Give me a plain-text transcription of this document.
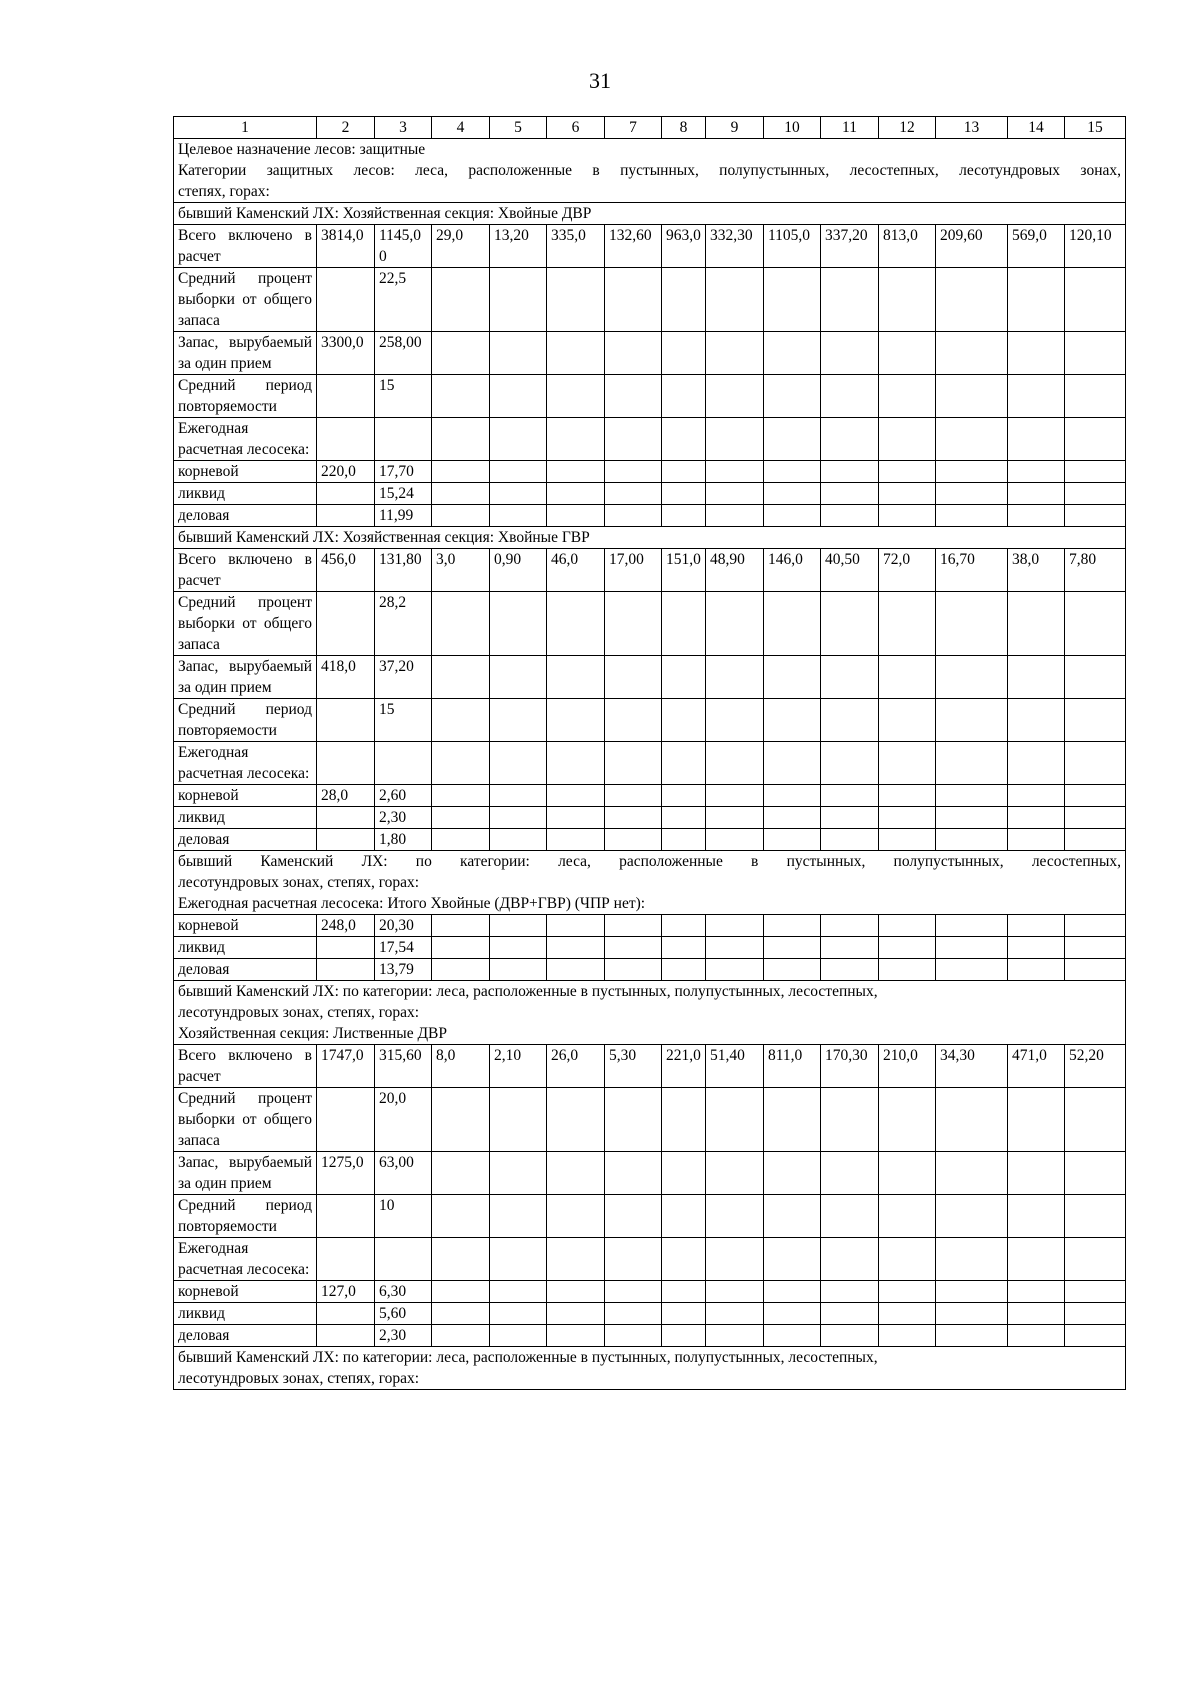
31
1	2	3	4	5	6	7	8	9	10	11	12	13	14	15

Целевое назначение лесов: защитные
Категории защитных лесов: леса, расположенные в пустынных, полупустынных, лесостепных, лесотундровых зонах,
степях, горах:														

бывший Каменский ЛХ: Хозяйственная секция: Хвойные ДВР														

Всего включено в расчет	3814,0	1145,00	29,0	13,20	335,0	132,60	963,0	332,30	1105,0	337,20	813,0	209,60	569,0	120,10
Средний процент выборки от общего запаса		22,5												
Запас, вырубаемый за один прием	3300,0	258,00												
Средний период повторяемости		15												
Ежегодная расчетная лесосека:														
корневой	220,0	17,70												
ликвид		15,24												
деловая		11,99												

бывший Каменский ЛХ: Хозяйственная секция: Хвойные ГВР														

Всего включено в расчет	456,0	131,80	3,0	0,90	46,0	17,00	151,0	48,90	146,0	40,50	72,0	16,70	38,0	7,80
Средний процент выборки от общего запаса		28,2												
Запас, вырубаемый за один прием	418,0	37,20												
Средний период повторяемости		15												
Ежегодная расчетная лесосека:														
корневой	28,0	2,60												
ликвид		2,30												
деловая		1,80												

бывший Каменский ЛХ: по категории: леса, расположенные в пустынных, полупустынных, лесостепных,
лесотундровых зонах, степях, горах:
Ежегодная расчетная лесосека: Итого Хвойные (ДВР+ГВР) (ЧПР нет):														

корневой	248,0	20,30												
ликвид		17,54												
деловая		13,79												

бывший Каменский ЛХ: по категории: леса, расположенные в пустынных, полупустынных, лесостепных,
лесотундровых зонах, степях, горах:
Хозяйственная секция: Лиственные ДВР														

Всего включено в расчет	1747,0	315,60	8,0	2,10	26,0	5,30	221,0	51,40	811,0	170,30	210,0	34,30	471,0	52,20
Средний процент выборки от общего запаса		20,0												
Запас, вырубаемый за один прием	1275,0	63,00												
Средний период повторяемости		10												
Ежегодная расчетная лесосека:														
корневой	127,0	6,30												
ликвид		5,60												
деловая		2,30												

бывший Каменский ЛХ: по категории: леса, расположенные в пустынных, полупустынных, лесостепных,
лесотундровых зонах, степях, горах:														
